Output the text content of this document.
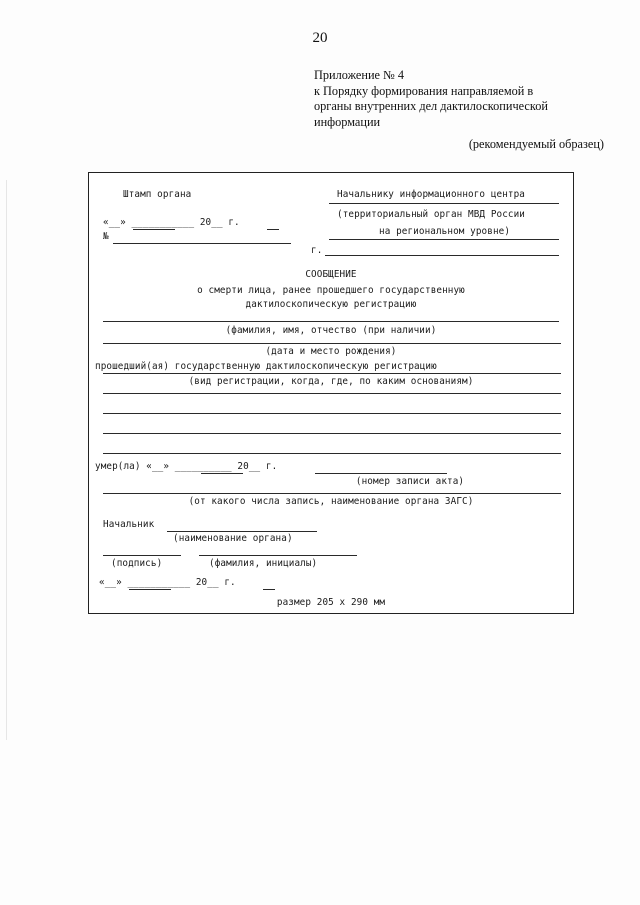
20
Приложение № 4
к Порядку формирования направляемой в
органы внутренних дел дактилоскопической
информации
(рекомендуемый образец)
Штамп органа
«__» ___________ 20__ г.
№
Начальнику информационного центра
(территориальный орган МВД России
на региональном уровне)
г.
СООБЩЕНИЕ
о смерти лица, ранее прошедшего государственную
дактилоскопическую регистрацию
(фамилия, имя, отчество (при наличии)
(дата и место рождения)
прошедший(ая) государственную дактилоскопическую регистрацию
(вид регистрации, когда, где, по каким основаниям)
умер(ла) «__» __________ 20__ г.
(номер записи акта)
(от какого числа запись, наименование органа ЗАГС)
Начальник
(наименование органа)
(подпись)	(фамилия, инициалы)
«__» ___________ 20__ г.
размер 205 х 290 мм
